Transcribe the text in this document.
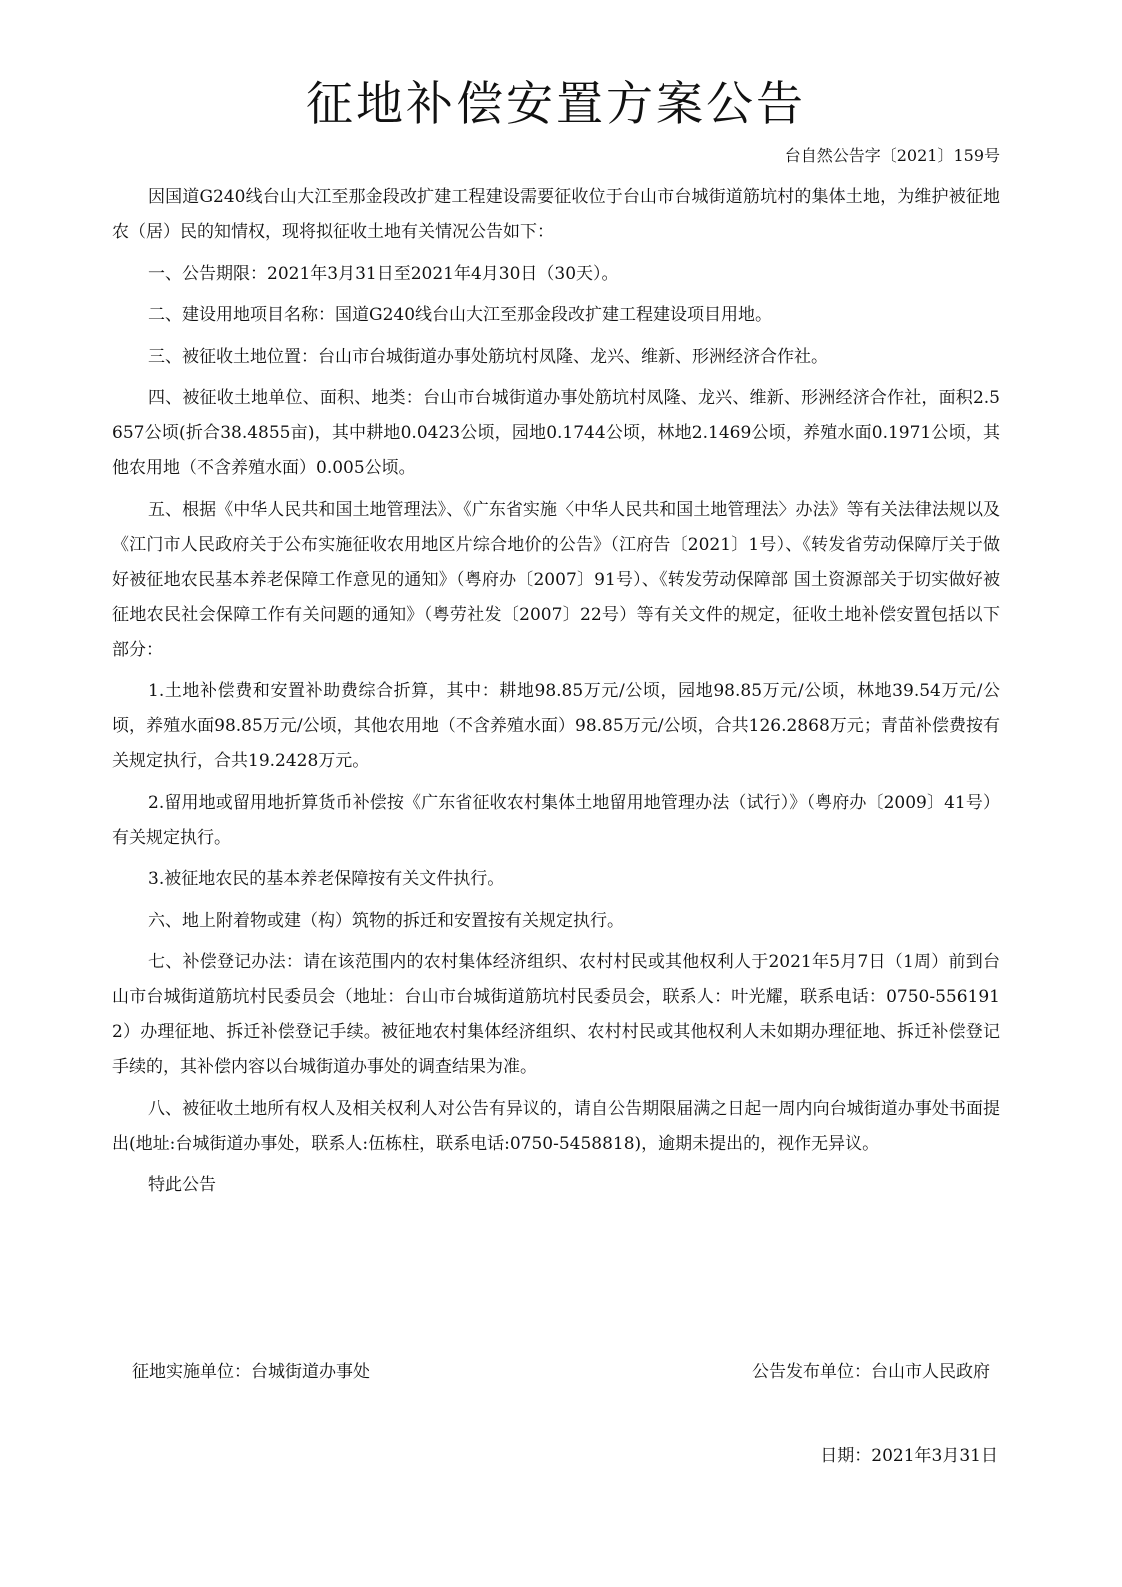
征地补偿安置方案公告
台自然公告字〔2021〕159号

因国道G240线台山大江至那金段改扩建工程建设需要征收位于台山市台城街道筋坑村的集体土地，为维护被征地农（居）民的知情权，现将拟征收土地有关情况公告如下：

一、公告期限：2021年3月31日至2021年4月30日（30天）。

二、建设用地项目名称：国道G240线台山大江至那金段改扩建工程建设项目用地。

三、被征收土地位置：台山市台城街道办事处筋坑村凤隆、龙兴、维新、形洲经济合作社。

四、被征收土地单位、面积、地类：台山市台城街道办事处筋坑村凤隆、龙兴、维新、形洲经济合作社，面积2.5657公顷(折合38.4855亩)，其中耕地0.0423公顷，园地0.1744公顷，林地2.1469公顷，养殖水面0.1971公顷，其他农用地（不含养殖水面）0.005公顷。

五、根据《中华人民共和国土地管理法》、《广东省实施〈中华人民共和国土地管理法〉办法》等有关法律法规以及《江门市人民政府关于公布实施征收农用地区片综合地价的公告》（江府告〔2021〕1号）、《转发省劳动保障厅关于做好被征地农民基本养老保障工作意见的通知》（粤府办〔2007〕91号）、《转发劳动保障部 国土资源部关于切实做好被征地农民社会保障工作有关问题的通知》（粤劳社发〔2007〕22号）等有关文件的规定，征收土地补偿安置包括以下部分：

1.土地补偿费和安置补助费综合折算，其中：耕地98.85万元/公顷，园地98.85万元/公顷，林地39.54万元/公顷，养殖水面98.85万元/公顷，其他农用地（不含养殖水面）98.85万元/公顷，合共126.2868万元；青苗补偿费按有关规定执行，合共19.2428万元。

2.留用地或留用地折算货币补偿按《广东省征收农村集体土地留用地管理办法（试行）》（粤府办〔2009〕41号）有关规定执行。

3.被征地农民的基本养老保障按有关文件执行。

六、地上附着物或建（构）筑物的拆迁和安置按有关规定执行。

七、补偿登记办法：请在该范围内的农村集体经济组织、农村村民或其他权利人于2021年5月7日（1周）前到台山市台城街道筋坑村民委员会（地址：台山市台城街道筋坑村民委员会，联系人：叶光耀，联系电话：0750-5561912）办理征地、拆迁补偿登记手续。被征地农村集体经济组织、农村村民或其他权利人未如期办理征地、拆迁补偿登记手续的，其补偿内容以台城街道办事处的调查结果为准。

八、被征收土地所有权人及相关权利人对公告有异议的，请自公告期限届满之日起一周内向台城街道办事处书面提出(地址:台城街道办事处，联系人:伍栋柱，联系电话:0750-5458818)，逾期未提出的，视作无异议。

特此公告

征地实施单位：台城街道办事处	公告发布单位：台山市人民政府
日期：2021年3月31日
